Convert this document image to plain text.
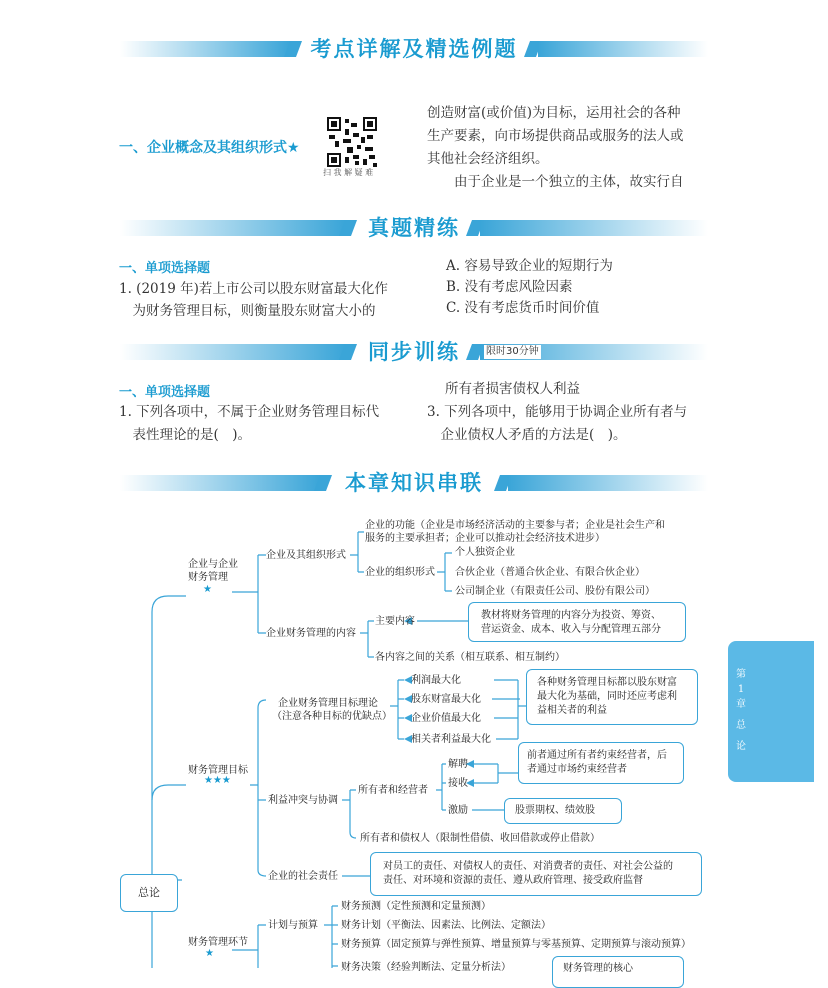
考点详解及精选例题
一、企业概念及其组织形式★
扫 我 解 疑 难
创造财富(或价值)为目标，运用社会的各种
生产要素，向市场提供商品或服务的法人或
其他社会经济组织。
　　由于企业是一个独立的主体，故实行自
真题精练
一、单项选择题
1. (2019 年)若上市公司以股东财富最大化作
　为财务管理目标，则衡量股东财富大小的
A. 容易导致企业的短期行为
B. 没有考虑风险因素
C. 没有考虑货币时间价值
同步训练	限时30分钟
一、单项选择题
1. 下列各项中，不属于企业财务管理目标代
　表性理论的是(　)。
所有者损害债权人利益
3. 下列各项中，能够用于协调企业所有者与
　企业债权人矛盾的方法是(　)。
本章知识串联
第
1
章
总
论
总论
企业与企业
财务管理
★
企业及其组织形式
企业的功能（企业是市场经济活动的主要参与者；企业是社会生产和
服务的主要承担者；企业可以推动社会经济技术进步）
企业的组织形式
个人独资企业
合伙企业（普通合伙企业、有限合伙企业）
公司制企业（有限责任公司、股份有限公司）
企业财务管理的内容
主要内容
教材将财务管理的内容分为投资、筹资、
营运资金、成本、收入与分配管理五部分
各内容之间的关系（相互联系、相互制约）
财务管理目标
★★★
企业财务管理目标理论
（注意各种目标的优缺点）
利润最大化
股东财富最大化
企业价值最大化
相关者利益最大化
各种财务管理目标都以股东财富
最大化为基础，同时还应考虑利
益相关者的利益
利益冲突与协调
所有者和经营者
解聘
接收
激励
前者通过所有者约束经营者，后
者通过市场约束经营者
股票期权、绩效股
所有者和债权人（限制性借债、收回借款或停止借款）
企业的社会责任
对员工的责任、对债权人的责任、对消费者的责任、对社会公益的
责任、对环境和资源的责任、遵从政府管理、接受政府监督
财务管理环节
★
计划与预算
财务预测（定性预测和定量预测）
财务计划（平衡法、因素法、比例法、定额法）
财务预算（固定预算与弹性预算、增量预算与零基预算、定期预算与滚动预算）
财务决策（经验判断法、定量分析法）	财务管理的核心
